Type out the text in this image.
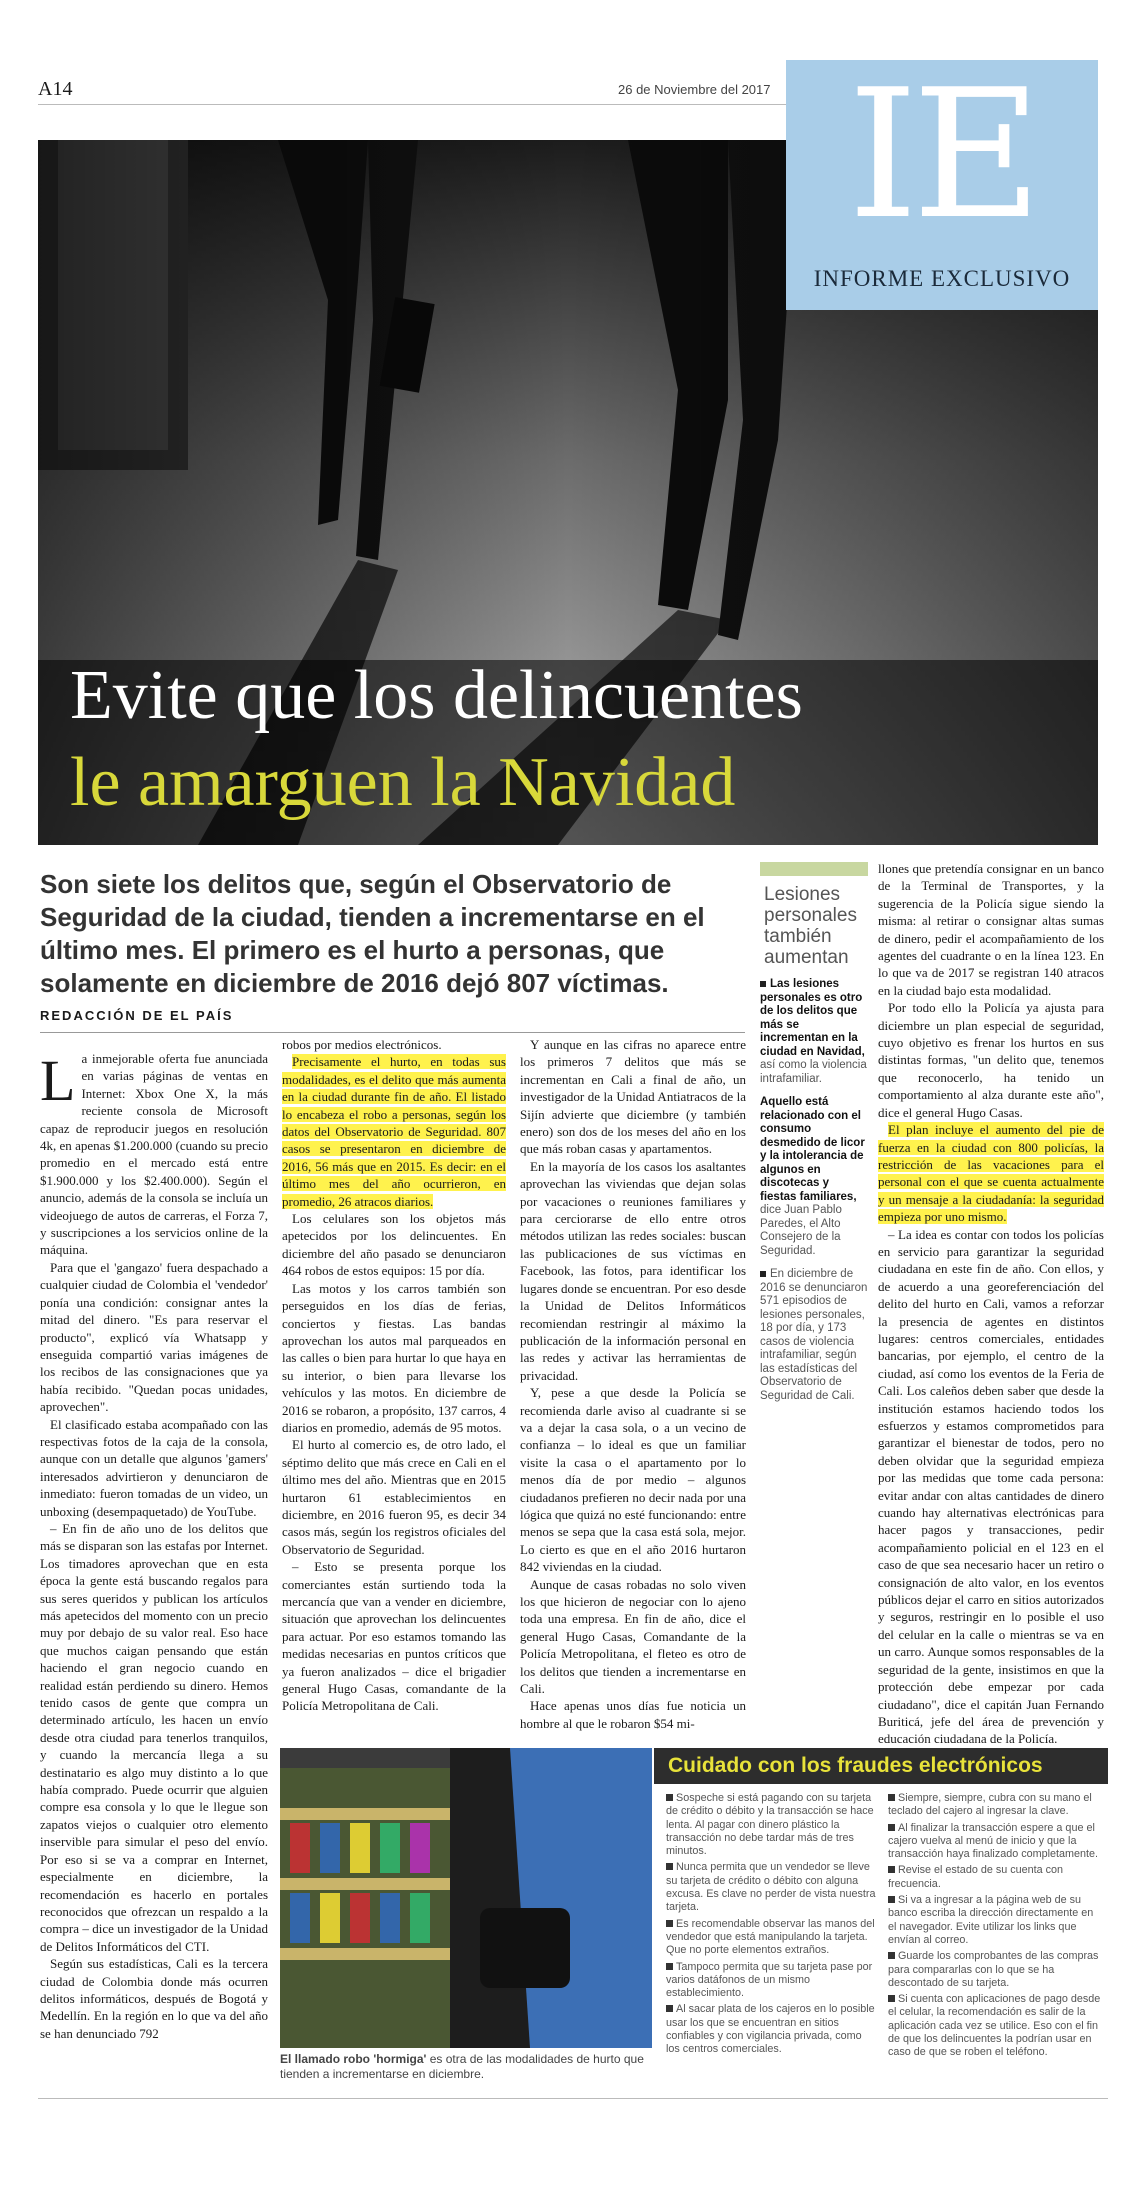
A14	26 de Noviembre del 2017 IE
INFORME EXCLUSIVO
Evite que los delincuentes
le amarguen la Navidad
Son siete los delitos que, según el Observatorio de Seguridad de la ciudad, tienden a incrementarse en el último mes. El primero es el hurto a personas, que solamente en diciembre de 2016 dejó 807 víctimas.
REDACCIÓN DE EL PAÍS

La inmejorable oferta fue anunciada en varias páginas de ventas en Internet: Xbox One X, la más reciente consola de Microsoft capaz de reproducir juegos en resolución 4k, en apenas $1.200.000 (cuando su precio promedio en el mercado está entre $1.900.000 y los $2.400.000). Según el anuncio, además de la consola se incluía un videojuego de autos de carreras, el Forza 7, y suscripciones a los servicios online de la máquina.

Para que el 'gangazo' fuera despachado a cualquier ciudad de Colombia el 'vendedor' ponía una condición: consignar antes la mitad del dinero. "Es para reservar el producto", explicó vía Whatsapp y enseguida compartió varias imágenes de los recibos de las consignaciones que ya había recibido. "Quedan pocas unidades, aprovechen".

El clasificado estaba acompañado con las respectivas fotos de la caja de la consola, aunque con un detalle que algunos 'gamers' interesados advirtieron y denunciaron de inmediato: fueron tomadas de un video, un unboxing (desempaquetado) de YouTube.

– En fin de año uno de los delitos que más se disparan son las estafas por Internet. Los timadores aprovechan que en esta época la gente está buscando regalos para sus seres queridos y publican los artículos más apetecidos del momento con un precio muy por debajo de su valor real. Eso hace que muchos caigan pensando que están haciendo el gran negocio cuando en realidad están perdiendo su dinero. Hemos tenido casos de gente que compra un determinado artículo, les hacen un envío desde otra ciudad para tenerlos tranquilos, y cuando la mercancía llega a su destinatario es algo muy distinto a lo que había comprado. Puede ocurrir que alguien compre esa consola y lo que le llegue son zapatos viejos o cualquier otro elemento inservible para simular el peso del envío. Por eso si se va a comprar en Internet, especialmente en diciembre, la recomendación es hacerlo en portales reconocidos que ofrezcan un respaldo a la compra – dice un investigador de la Unidad de Delitos Informáticos del CTI.

Según sus estadísticas, Cali es la tercera ciudad de Colombia donde más ocurren delitos informáticos, después de Bogotá y Medellín. En la región en lo que va del año se han denunciado 792

robos por medios electrónicos.

Precisamente el hurto, en todas sus modalidades, es el delito que más aumenta en la ciudad durante fin de año. El listado lo encabeza el robo a personas, según los datos del Observatorio de Seguridad. 807 casos se presentaron en diciembre de 2016, 56 más que en 2015. Es decir: en el último mes del año ocurrieron, en promedio, 26 atracos diarios.

Los celulares son los objetos más apetecidos por los delincuentes. En diciembre del año pasado se denunciaron 464 robos de estos equipos: 15 por día.

Las motos y los carros también son perseguidos en los días de ferias, conciertos y fiestas. Las bandas aprovechan los autos mal parqueados en las calles o bien para hurtar lo que haya en su interior, o bien para llevarse los vehículos y las motos. En diciembre de 2016 se robaron, a propósito, 137 carros, 4 diarios en promedio, además de 95 motos.

El hurto al comercio es, de otro lado, el séptimo delito que más crece en Cali en el último mes del año. Mientras que en 2015 hurtaron 61 establecimientos en diciembre, en 2016 fueron 95, es decir 34 casos más, según los registros oficiales del Observatorio de Seguridad.

– Esto se presenta porque los comerciantes están surtiendo toda la mercancía que van a vender en diciembre, situación que aprovechan los delincuentes para actuar. Por eso estamos tomando las medidas necesarias en puntos críticos que ya fueron analizados – dice el brigadier general Hugo Casas, comandante de la Policía Metropolitana de Cali.

Y aunque en las cifras no aparece entre los primeros 7 delitos que más se incrementan en Cali a final de año, un investigador de la Unidad Antiatracos de la Sijín advierte que diciembre (y también enero) son dos de los meses del año en los que más roban casas y apartamentos.

En la mayoría de los casos los asaltantes aprovechan las viviendas que dejan solas por vacaciones o reuniones familiares y para cerciorarse de ello entre otros métodos utilizan las redes sociales: buscan las publicaciones de sus víctimas en Facebook, las fotos, para identificar los lugares donde se encuentran. Por eso desde la Unidad de Delitos Informáticos recomiendan restringir al máximo la publicación de la información personal en las redes y activar las herramientas de privacidad.

Y, pese a que desde la Policía se recomienda darle aviso al cuadrante si se va a dejar la casa sola, o a un vecino de confianza – lo ideal es que un familiar visite la casa o el apartamento por lo menos día de por medio – algunos ciudadanos prefieren no decir nada por una lógica que quizá no esté funcionando: entre menos se sepa que la casa está sola, mejor. Lo cierto es que en el año 2016 hurtaron 842 viviendas en la ciudad.

Aunque de casas robadas no solo viven los que hicieron de negociar con lo ajeno toda una empresa. En fin de año, dice el general Hugo Casas, Comandante de la Policía Metropolitana, el fleteo es otro de los delitos que tienden a incrementarse en Cali.

Hace apenas unos días fue noticia un hombre al que le robaron $54 mi-

Lesiones personales también aumentan
Las lesiones personales es otro de los delitos que más se incrementan en la ciudad en Navidad, así como la violencia intrafamiliar.
Aquello está relacionado con el consumo desmedido de licor y la intolerancia de algunos en discotecas y fiestas familiares, dice Juan Pablo Paredes, el Alto Consejero de la Seguridad.
En diciembre de 2016 se denunciaron 571 episodios de lesiones personales, 18 por día, y 173 casos de violencia intrafamiliar, según las estadísticas del Observatorio de Seguridad de Cali.

llones que pretendía consignar en un banco de la Terminal de Transportes, y la sugerencia de la Policía sigue siendo la misma: al retirar o consignar altas sumas de dinero, pedir el acompañamiento de los agentes del cuadrante o en la línea 123. En lo que va de 2017 se registran 140 atracos en la ciudad bajo esta modalidad.

Por todo ello la Policía ya ajusta para diciembre un plan especial de seguridad, cuyo objetivo es frenar los hurtos en sus distintas formas, "un delito que, tenemos que reconocerlo, ha tenido un comportamiento al alza durante este año", dice el general Hugo Casas.

El plan incluye el aumento del pie de fuerza en la ciudad con 800 policías, la restricción de las vacaciones para el personal con el que se cuenta actualmente y un mensaje a la ciudadanía: la seguridad empieza por uno mismo.

– La idea es contar con todos los policías en servicio para garantizar la seguridad ciudadana en este fin de año. Con ellos, y de acuerdo a una georeferenciación del delito del hurto en Cali, vamos a reforzar la presencia de agentes en distintos lugares: centros comerciales, entidades bancarias, por ejemplo, el centro de la ciudad, así como los eventos de la Feria de Cali. Los caleños deben saber que desde la institución estamos haciendo todos los esfuerzos y estamos comprometidos para garantizar el bienestar de todos, pero no deben olvidar que la seguridad empieza por las medidas que tome cada persona: evitar andar con altas cantidades de dinero cuando hay alternativas electrónicas para hacer pagos y transacciones, pedir acompañamiento policial en el 123 en el caso de que sea necesario hacer un retiro o consignación de alto valor, en los eventos públicos dejar el carro en sitios autorizados y seguros, restringir en lo posible el uso del celular en la calle o mientras se va en un carro. Aunque somos responsables de la seguridad de la gente, insistimos en que la protección debe empezar por cada ciudadano", dice el capitán Juan Fernando Buriticá, jefe del área de prevención y educación ciudadana de la Policía.

El llamado robo 'hormiga' es otra de las modalidades de hurto que tienden a incrementarse en diciembre.
Cuidado con los fraudes electrónicos
Sospeche si está pagando con su tarjeta de crédito o débito y la transacción se hace lenta. Al pagar con dinero plástico la transacción no debe tardar más de tres minutos.
Nunca permita que un vendedor se lleve su tarjeta de crédito o débito con alguna excusa. Es clave no perder de vista nuestra tarjeta.
Es recomendable observar las manos del vendedor que está manipulando la tarjeta. Que no porte elementos extraños.
Tampoco permita que su tarjeta pase por varios datáfonos de un mismo establecimiento.
Al sacar plata de los cajeros en lo posible usar los que se encuentran en sitios confiables y con vigilancia privada, como los centros comerciales.
Siempre, siempre, cubra con su mano el teclado del cajero al ingresar la clave.
Al finalizar la transacción espere a que el cajero vuelva al menú de inicio y que la transacción haya finalizado completamente.
Revise el estado de su cuenta con frecuencia.
Si va a ingresar a la página web de su banco escriba la dirección directamente en el navegador. Evite utilizar los links que envían al correo.
Guarde los comprobantes de las compras para compararlas con lo que se ha descontado de su tarjeta.
Si cuenta con aplicaciones de pago desde el celular, la recomendación es salir de la aplicación cada vez se utilice. Eso con el fin de que los delincuentes la podrían usar en caso de que se roben el teléfono.
